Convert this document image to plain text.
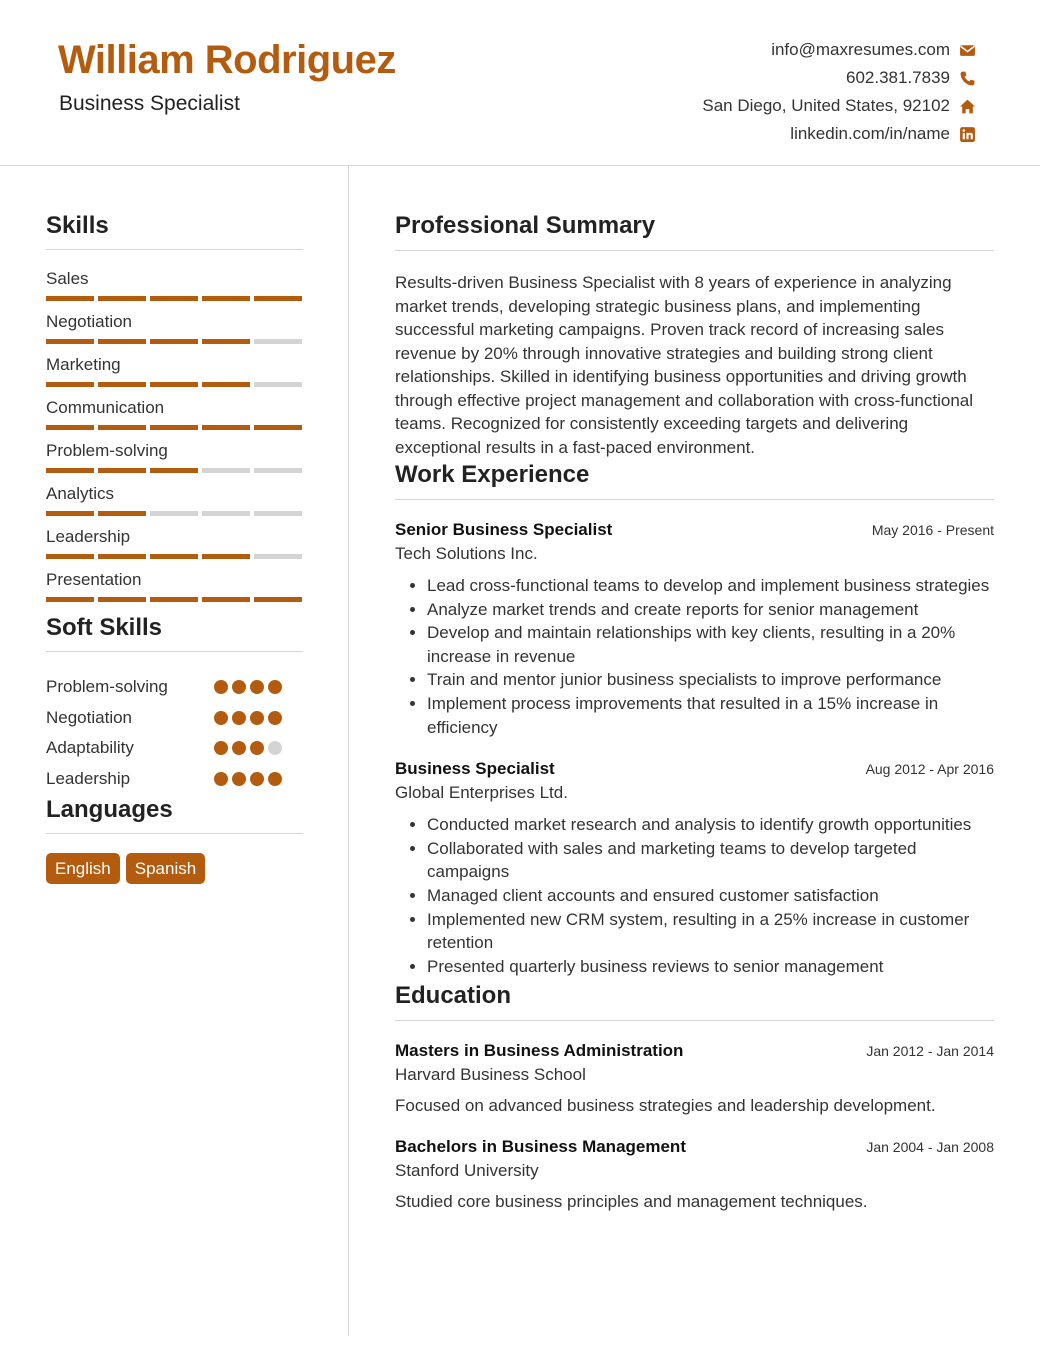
William Rodriguez
Business Specialist
info@maxresumes.com
602.381.7839
San Diego, United States, 92102
linkedin.com/in/name
Skills
Sales
Negotiation
Marketing
Communication
Problem-solving
Analytics
Leadership
Presentation
Soft Skills
Problem-solving
Negotiation
Adaptability
Leadership
Languages
English	Spanish
Professional Summary

Results-driven Business Specialist with 8 years of experience in analyzing market trends, developing strategic business plans, and implementing successful marketing campaigns. Proven track record of increasing sales revenue by 20% through innovative strategies and building strong client relationships. Skilled in identifying business opportunities and driving growth through effective project management and collaboration with cross-functional teams. Recognized for consistently exceeding targets and delivering exceptional results in a fast-paced environment.

Work Experience
Senior Business Specialist	May 2016 - Present
Tech Solutions Inc.
• Lead cross-functional teams to develop and implement business strategies
• Analyze market trends and create reports for senior management
• Develop and maintain relationships with key clients, resulting in a 20% increase in revenue
• Train and mentor junior business specialists to improve performance
• Implement process improvements that resulted in a 15% increase in efficiency
Business Specialist	Aug 2012 - Apr 2016
Global Enterprises Ltd.
• Conducted market research and analysis to identify growth opportunities
• Collaborated with sales and marketing teams to develop targeted campaigns
• Managed client accounts and ensured customer satisfaction
• Implemented new CRM system, resulting in a 25% increase in customer retention
• Presented quarterly business reviews to senior management
Education
Masters in Business Administration	Jan 2012 - Jan 2014
Harvard Business School
Focused on advanced business strategies and leadership development.
Bachelors in Business Management	Jan 2004 - Jan 2008
Stanford University
Studied core business principles and management techniques.
